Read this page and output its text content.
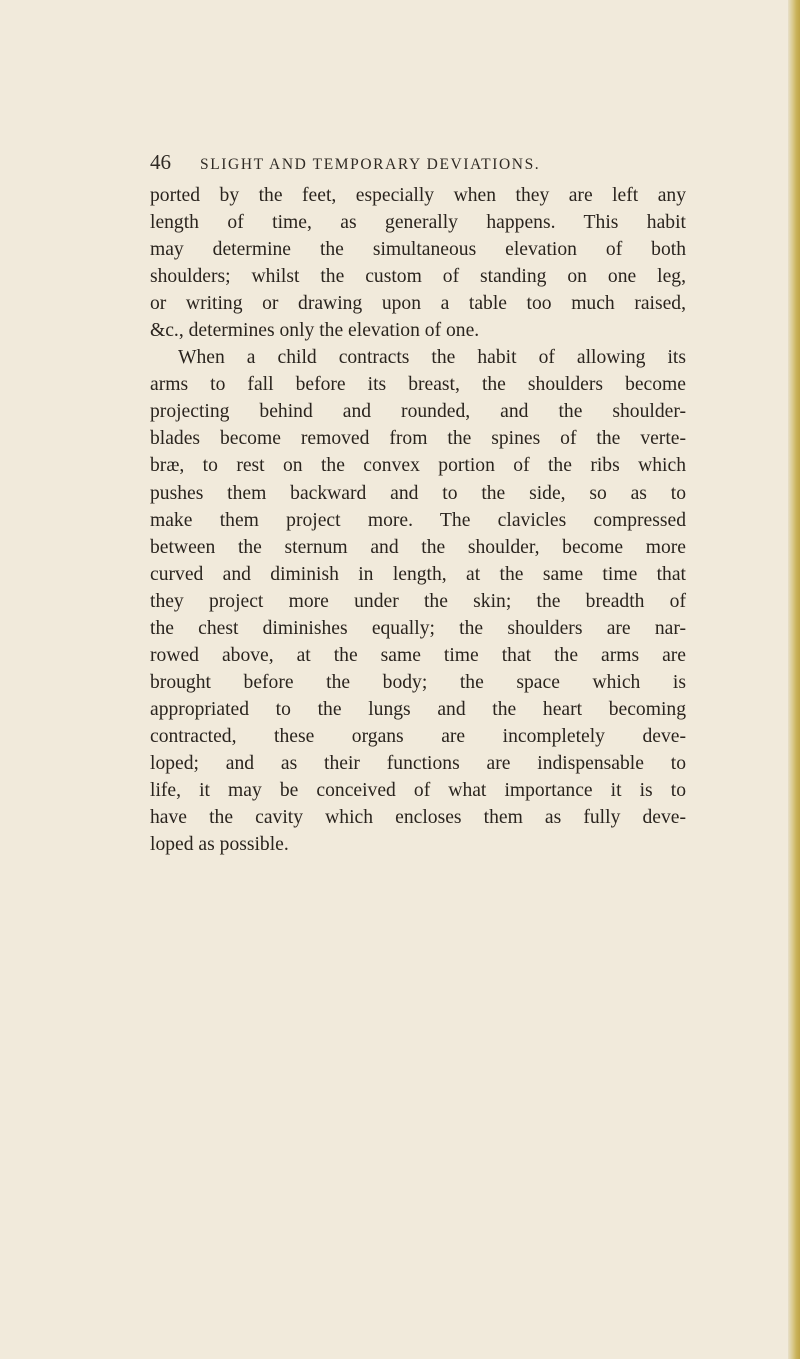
46 SLIGHT AND TEMPORARY DEVIATIONS.
ported by the feet, especially when they are left any
length of time, as generally happens. This habit
may determine the simultaneous elevation of both
shoulders; whilst the custom of standing on one leg,
or writing or drawing upon a table too much raised,
&c., determines only the elevation of one.
When a child contracts the habit of allowing its
arms to fall before its breast, the shoulders become
projecting behind and rounded, and the shoulder-
blades become removed from the spines of the verte-
bræ, to rest on the convex portion of the ribs which
pushes them backward and to the side, so as to
make them project more. The clavicles compressed
between the sternum and the shoulder, become more
curved and diminish in length, at the same time that
they project more under the skin; the breadth of
the chest diminishes equally; the shoulders are nar-
rowed above, at the same time that the arms are
brought before the body; the space which is
appropriated to the lungs and the heart becoming
contracted, these organs are incompletely deve-
loped; and as their functions are indispensable to
life, it may be conceived of what importance it is to
have the cavity which encloses them as fully deve-
loped as possible.
